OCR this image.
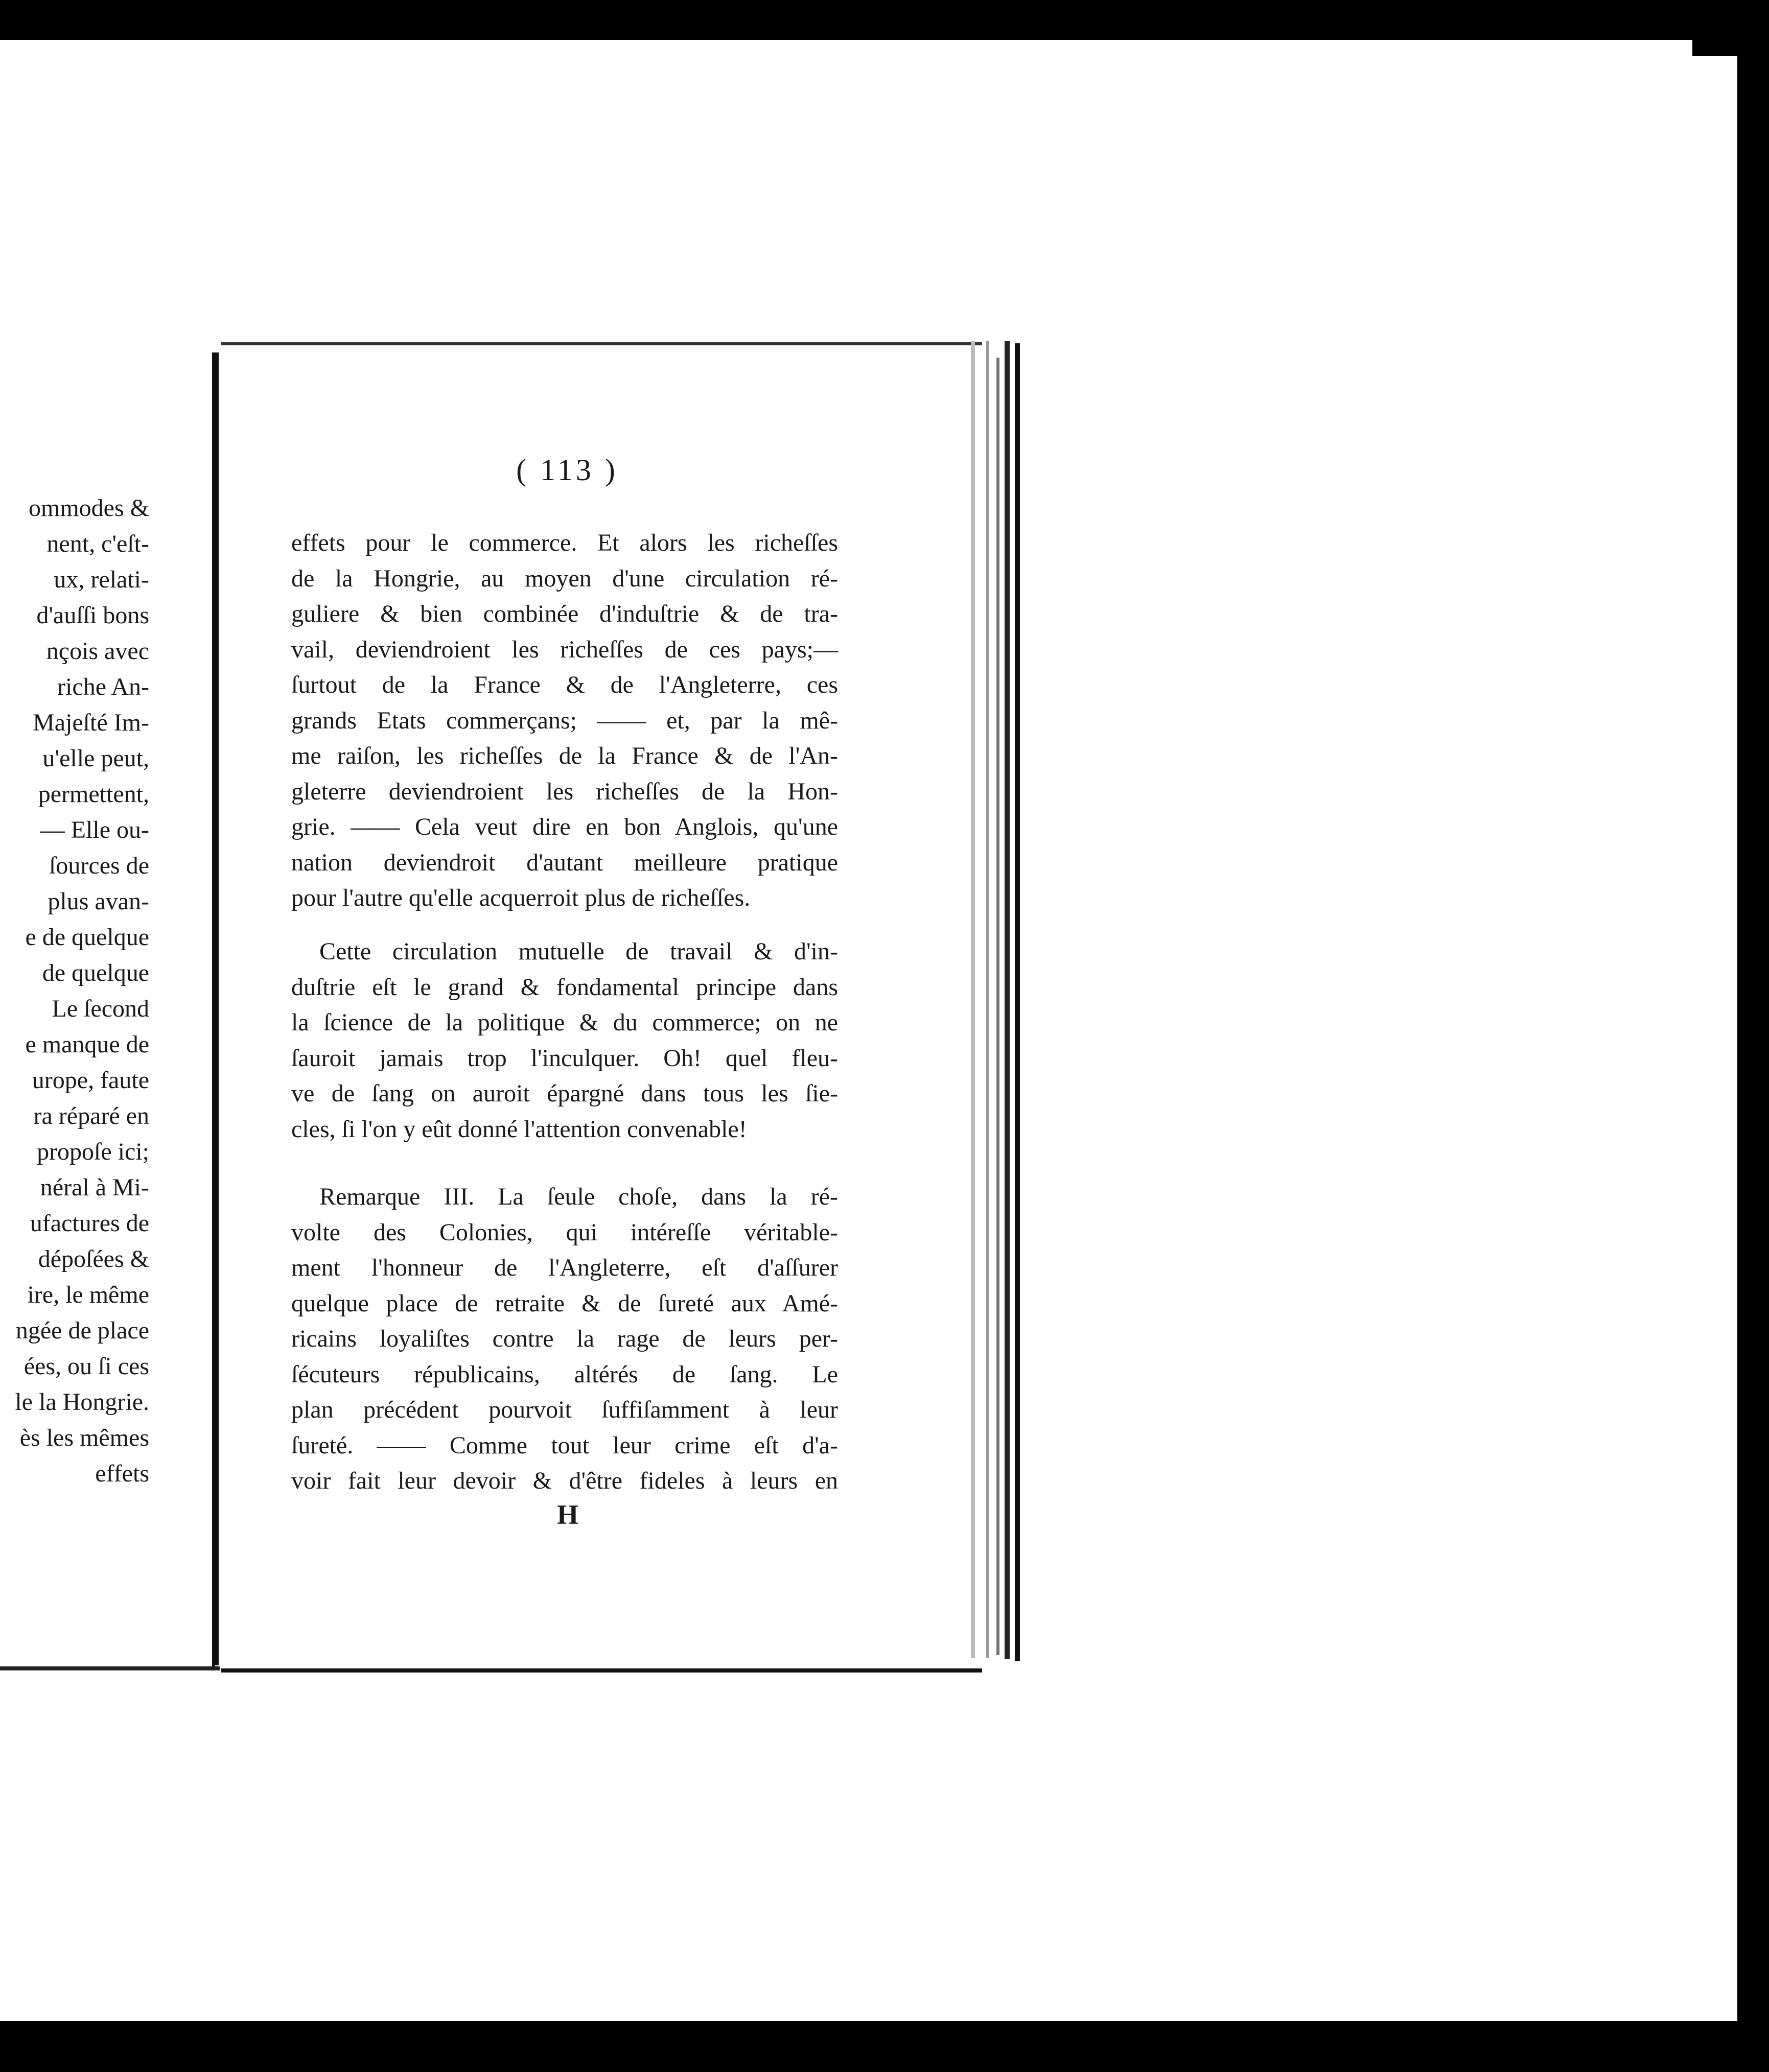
ommodes &
nent, c'eſt-
ux, relati-
d'auſſi bons
nçois avec
riche An-
Majeſté Im-
u'elle peut,
permettent,
— Elle ou-
ſources de
plus avan-
e de quelque
de quelque
Le ſecond
e manque de
urope, faute
ra réparé en
propoſe ici;
néral à Mi-
ufactures de
dépoſées &
ire, le même
ngée de place
ées, ou ſi ces
le la Hongrie.
ès les mêmes
effets
( 113 )
effets pour le commerce. Et alors les richeſſes
de la Hongrie, au moyen d'une circulation ré-
guliere & bien combinée d'induſtrie & de tra-
vail, deviendroient les richeſſes de ces pays;—
ſurtout de la France & de l'Angleterre, ces
grands Etats commerçans; —— et, par la mê-
me raiſon, les richeſſes de la France & de l'An-
gleterre deviendroient les richeſſes de la Hon-
grie. —— Cela veut dire en bon Anglois, qu'une
nation deviendroit d'autant meilleure pratique
pour l'autre qu'elle acquerroit plus de richeſſes.
Cette circulation mutuelle de travail & d'in-
duſtrie eſt le grand & fondamental principe dans
la ſcience de la politique & du commerce; on ne
ſauroit jamais trop l'inculquer. Oh! quel fleu-
ve de ſang on auroit épargné dans tous les ſie-
cles, ſi l'on y eût donné l'attention convenable!
Remarque III. La ſeule choſe, dans la ré-
volte des Colonies, qui intéreſſe véritable-
ment l'honneur de l'Angleterre, eſt d'aſſurer
quelque place de retraite & de ſureté aux Amé-
ricains loyaliſtes contre la rage de leurs per-
ſécuteurs républicains, altérés de ſang. Le
plan précédent pourvoit ſuffiſamment à leur
ſureté. —— Comme tout leur crime eſt d'a-
voir fait leur devoir & d'être fideles à leurs en
H
